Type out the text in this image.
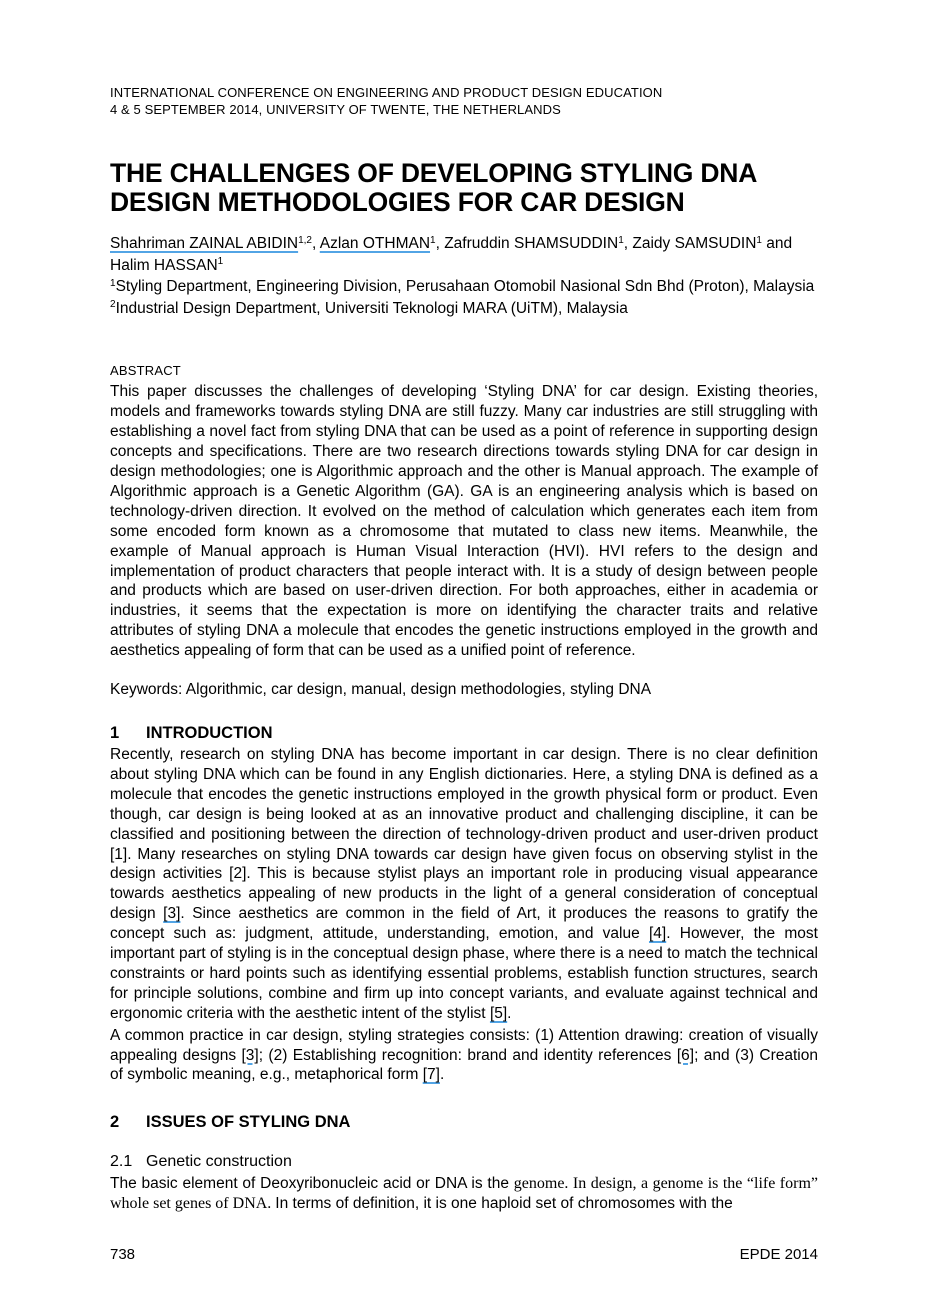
INTERNATIONAL CONFERENCE ON ENGINEERING AND PRODUCT DESIGN EDUCATION
4 & 5 SEPTEMBER 2014, UNIVERSITY OF TWENTE, THE NETHERLANDS
THE CHALLENGES OF DEVELOPING STYLING DNA
DESIGN METHODOLOGIES FOR CAR DESIGN
Shahriman ZAINAL ABIDIN$^{1,2}$, Azlan OTHMAN$^1$, Zafruddin SHAMSUDDIN$^1$, Zaidy SAMSUDIN$^1$ and Halim HASSAN$^1$
$^1$Styling Department, Engineering Division, Perusahaan Otomobil Nasional Sdn Bhd (Proton), Malaysia
$^2$Industrial Design Department, Universiti Teknologi MARA (UiTM), Malaysia
ABSTRACT
This paper discusses the challenges of developing ‘Styling DNA’ for car design. Existing theories, models and frameworks towards styling DNA are still fuzzy. Many car industries are still struggling with establishing a novel fact from styling DNA that can be used as a point of reference in supporting design concepts and specifications. There are two research directions towards styling DNA for car design in design methodologies; one is Algorithmic approach and the other is Manual approach. The example of Algorithmic approach is a Genetic Algorithm (GA). GA is an engineering analysis which is based on technology-driven direction. It evolved on the method of calculation which generates each item from some encoded form known as a chromosome that mutated to class new items. Meanwhile, the example of Manual approach is Human Visual Interaction (HVI). HVI refers to the design and implementation of product characters that people interact with. It is a study of design between people and products which are based on user-driven direction. For both approaches, either in academia or industries, it seems that the expectation is more on identifying the character traits and relative attributes of styling DNA a molecule that encodes the genetic instructions employed in the growth and aesthetics appealing of form that can be used as a unified point of reference.
Keywords: Algorithmic, car design, manual, design methodologies, styling DNA
1 INTRODUCTION
Recently, research on styling DNA has become important in car design. There is no clear definition about styling DNA which can be found in any English dictionaries. Here, a styling DNA is defined as a molecule that encodes the genetic instructions employed in the growth physical form or product. Even though, car design is being looked at as an innovative product and challenging discipline, it can be classified and positioning between the direction of technology-driven product and user-driven product [1]. Many researches on styling DNA towards car design have given focus on observing stylist in the design activities [2]. This is because stylist plays an important role in producing visual appearance towards aesthetics appealing of new products in the light of a general consideration of conceptual design [3]. Since aesthetics are common in the field of Art, it produces the reasons to gratify the concept such as: judgment, attitude, understanding, emotion, and value [4]. However, the most important part of styling is in the conceptual design phase, where there is a need to match the technical constraints or hard points such as identifying essential problems, establish function structures, search for principle solutions, combine and firm up into concept variants, and evaluate against technical and ergonomic criteria with the aesthetic intent of the stylist [5].
A common practice in car design, styling strategies consists: (1) Attention drawing: creation of visually appealing designs [3]; (2) Establishing recognition: brand and identity references [6]; and (3) Creation of symbolic meaning, e.g., metaphorical form [7].
2 ISSUES OF STYLING DNA
2.1 Genetic construction
The basic element of Deoxyribonucleic acid or DNA is the genome. In design, a genome is the “life form” whole set genes of DNA. In terms of definition, it is one haploid set of chromosomes with the
738	EPDE 2014
